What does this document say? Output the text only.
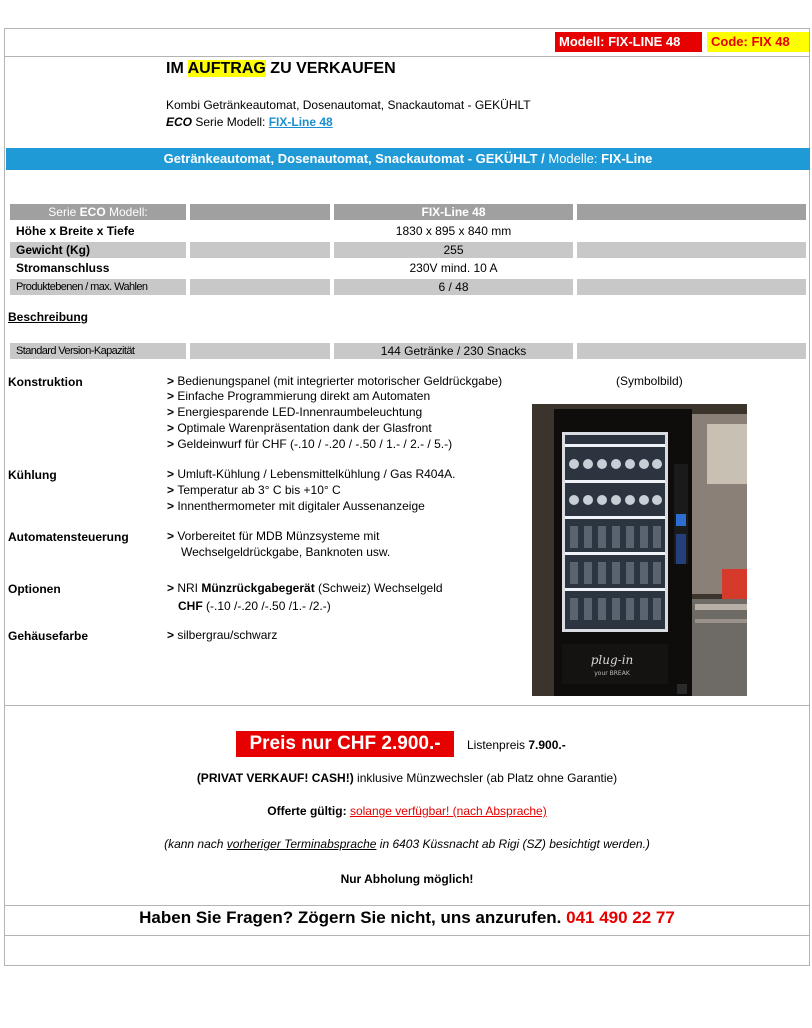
Modell: FIX-LINE 48	Code: FIX 48
IM AUFTRAG ZU VERKAUFEN
Kombi Getränkeautomat, Dosenautomat, Snackautomat - GEKÜHLT
ECO Serie Modell: FIX-Line 48
Getränkeautomat, Dosenautomat, Snackautomat - GEKÜHLT / Modelle: FIX-Line
Serie ECO Modell:	FIX-Line 48
Höhe x Breite x Tiefe	1830 x 895 x 840 mm
Gewicht (Kg)	255
Stromanschluss	230V mind. 10 A
Produktebenen / max. Wahlen	6 / 48
Beschreibung
Standard Version-Kapazität	144 Getränke / 230 Snacks
Konstruktion	> Bedienungspanel (mit integrierter motorischer Geldrückgabe)	(Symbolbild)
> Einfache Programmierung direkt am Automaten
> Energiesparende LED-Innenraumbeleuchtung
> Optimale Warenpräsentation dank der Glasfront
> Geldeinwurf für CHF (-.10 / -.20 / -.50 / 1.- / 2.- / 5.-)
Kühlung	> Umluft-Kühlung / Lebensmittelkühlung / Gas R404A.
> Temperatur ab 3° C bis +10° C
> Innenthermometer mit digitaler Aussenanzeige
Automatensteuerung	> Vorbereitet für MDB Münzsysteme mit
Wechselgeldrückgabe, Banknoten usw.
Optionen	> NRI Münzrückgabegerät (Schweiz) Wechselgeld
CHF (-.10 /-.20 /-.50 /1.- /2.-)
Gehäusefarbe	> silbergrau/schwarz
plug-in
your BREAK
Preis nur CHF 2.900.-	Listenpreis 7.900.-
(PRIVAT VERKAUF! CASH!) inklusive Münzwechsler (ab Platz ohne Garantie)
Offerte gültig: solange verfügbar! (nach Absprache)
(kann nach vorheriger Terminabsprache in 6403 Küssnacht ab Rigi (SZ) besichtigt werden.)
Nur Abholung möglich!
Haben Sie Fragen? Zögern Sie nicht, uns anzurufen. 041 490 22 77
